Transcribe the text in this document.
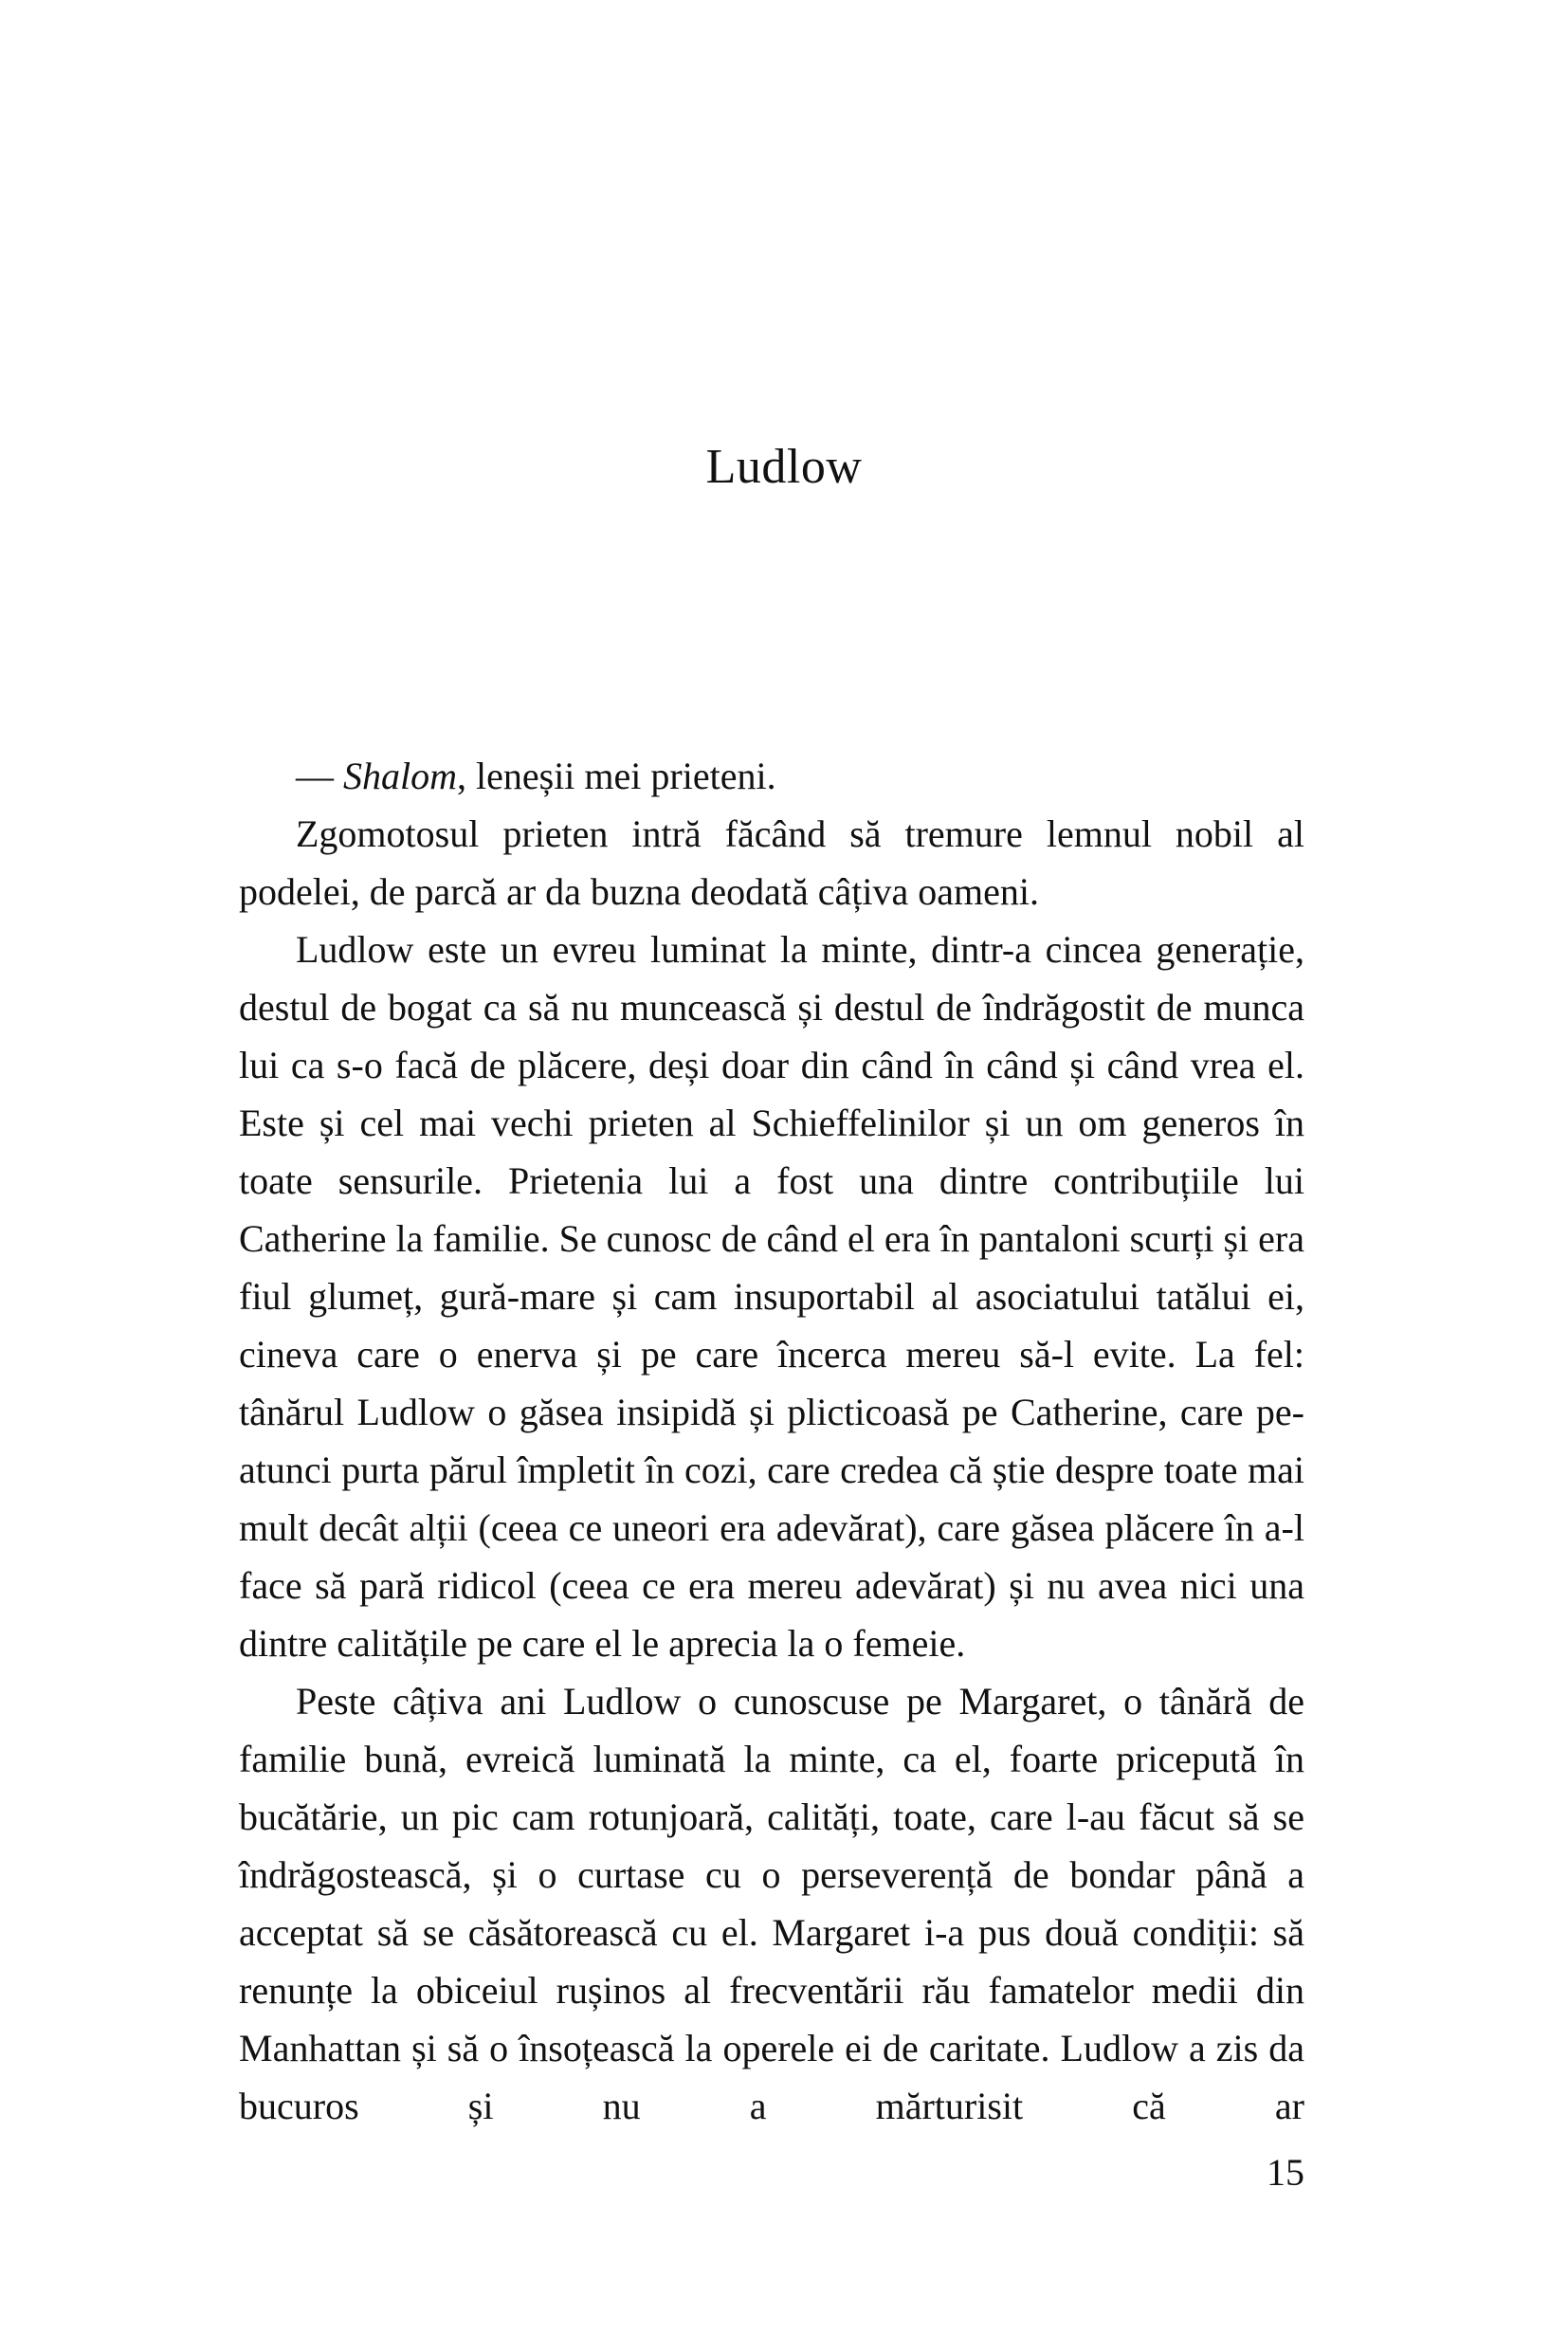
Ludlow

— Shalom, leneșii mei prieteni.

Zgomotosul prieten intră făcând să tremure lemnul nobil al podelei, de parcă ar da buzna deodată câțiva oameni.

Ludlow este un evreu luminat la minte, dintr-a cincea generație, destul de bogat ca să nu muncească și destul de îndrăgostit de munca lui ca s-o facă de plăcere, deși doar din când în când și când vrea el. Este și cel mai vechi prieten al Schieffelinilor și un om generos în toate sensurile. Prietenia lui a fost una dintre contribuțiile lui Catherine la familie. Se cunosc de când el era în pantaloni scurți și era fiul glumeț, gură-mare și cam insuportabil al asociatului tatălui ei, cineva care o enerva și pe care încerca mereu să-l evite. La fel: tânărul Ludlow o găsea insipidă și plicticoasă pe Catherine, care pe-atunci purta părul împletit în cozi, care credea că știe despre toate mai mult decât alții (ceea ce uneori era adevărat), care găsea plăcere în a-l face să pară ridicol (ceea ce era mereu adevărat) și nu avea nici una dintre calitățile pe care el le aprecia la o femeie.

Peste câțiva ani Ludlow o cunoscuse pe Margaret, o tânără de familie bună, evreică luminată la minte, ca el, foarte pricepută în bucătărie, un pic cam rotunjoară, calități, toate, care l-au făcut să se îndrăgostească, și o curtase cu o perseverență de bondar până a acceptat să se căsătorească cu el. Margaret i-a pus două condiții: să renunțe la obiceiul rușinos al frecventării rău famatelor medii din Manhattan și să o însoțească la operele ei de caritate. Ludlow a zis da bucuros și nu a mărturisit că ar

15
